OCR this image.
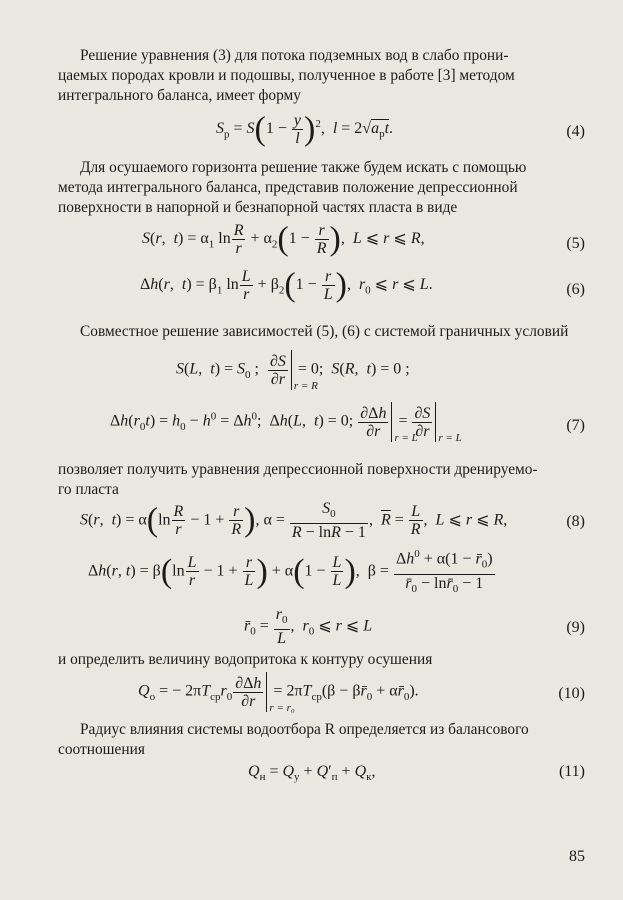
Решение уравнения (3) для потока подземных вод в слабо прони-
цаемых породах кровли и подошвы, полученное в работе [3] методом
интегрального баланса, имеет форму
$S_р = S(1 - \frac{y}{l} )^2$,  $l = 2√a_рt$.	(4)
Для осушаемого горизонта решение также будем искать с помощью
метода интегрального баланса, представив положение депрессионной
поверхности в напорной и безнапорной частях пласта в виде
S(r,  $t) = \alpha_1$ $\ln \frac{R}{r} + \alpha_2(1 - \frac{r}{R}$ ),  L ⩽ r ⩽ R,	(5)
Δh(r,  $t) = \beta_1$ $\ln \frac{L}{r} + \beta_2(1 - \frac{r}{L}$ ),  $r_0$ ⩽ r ⩽ L.	(6)
Совместное решение зависимостей (5), (6) с системой граничных условий
S(L,  $t) = S_0$ ; $\frac{\partial S}{\partial r}$ r = R
= 0;  S(R,  t) = 0 ;
$\Delta h(r_0t) = h_0 - h^0 = \Delta h^0$;  Δh(L,  t) = 0; $\frac{\partial\Delta h}{\partial r}$ r = L
= $\frac{\partial S}{\partial r}$ r = L
(7)
позволяет получить уравнения депрессионной поверхности дренируемо-
го пласта
S(r,  $t) = \alpha(\ln \frac{R}{r} - 1 + \frac{r}{R}$ ), $\alpha = \frac{S_0}{\overline{R} - \ln\overline{R} - 1}$ ,  $\overline{R} = \frac{L}{R}$ ,  L ⩽ r ⩽ R,	(8)
Δh(r, $t) = \beta(\ln \frac{L}{r} - 1 + \frac{r}{L}$ ) + $\alpha(1 - \frac{L}{L}$ ),  $\beta = \frac{\Delta h^0 + \alpha(1 - r̄_0)}{r̄_0 - \ln r̄_0 - 1}$
$r̄_0 = \frac{r_0}{L}$ ,  $r_0$ ⩽ r ⩽ L	(9)
и определить величину водопритока к контуру осушения
$Q_о$ = − $2\pi T_{ср}r_0 \frac{\partial\Delta h}{\partial r}$ r = r₀
= $2\pi T_{ср}(\beta$ − $\beta r̄_0$ + $\alpha r̄_0$).	(10)
Радиус влияния системы водоотбора R определяется из балансового
соотношения
$Q_н = Q_у + Q'_п + Q_к$,	(11)
85
